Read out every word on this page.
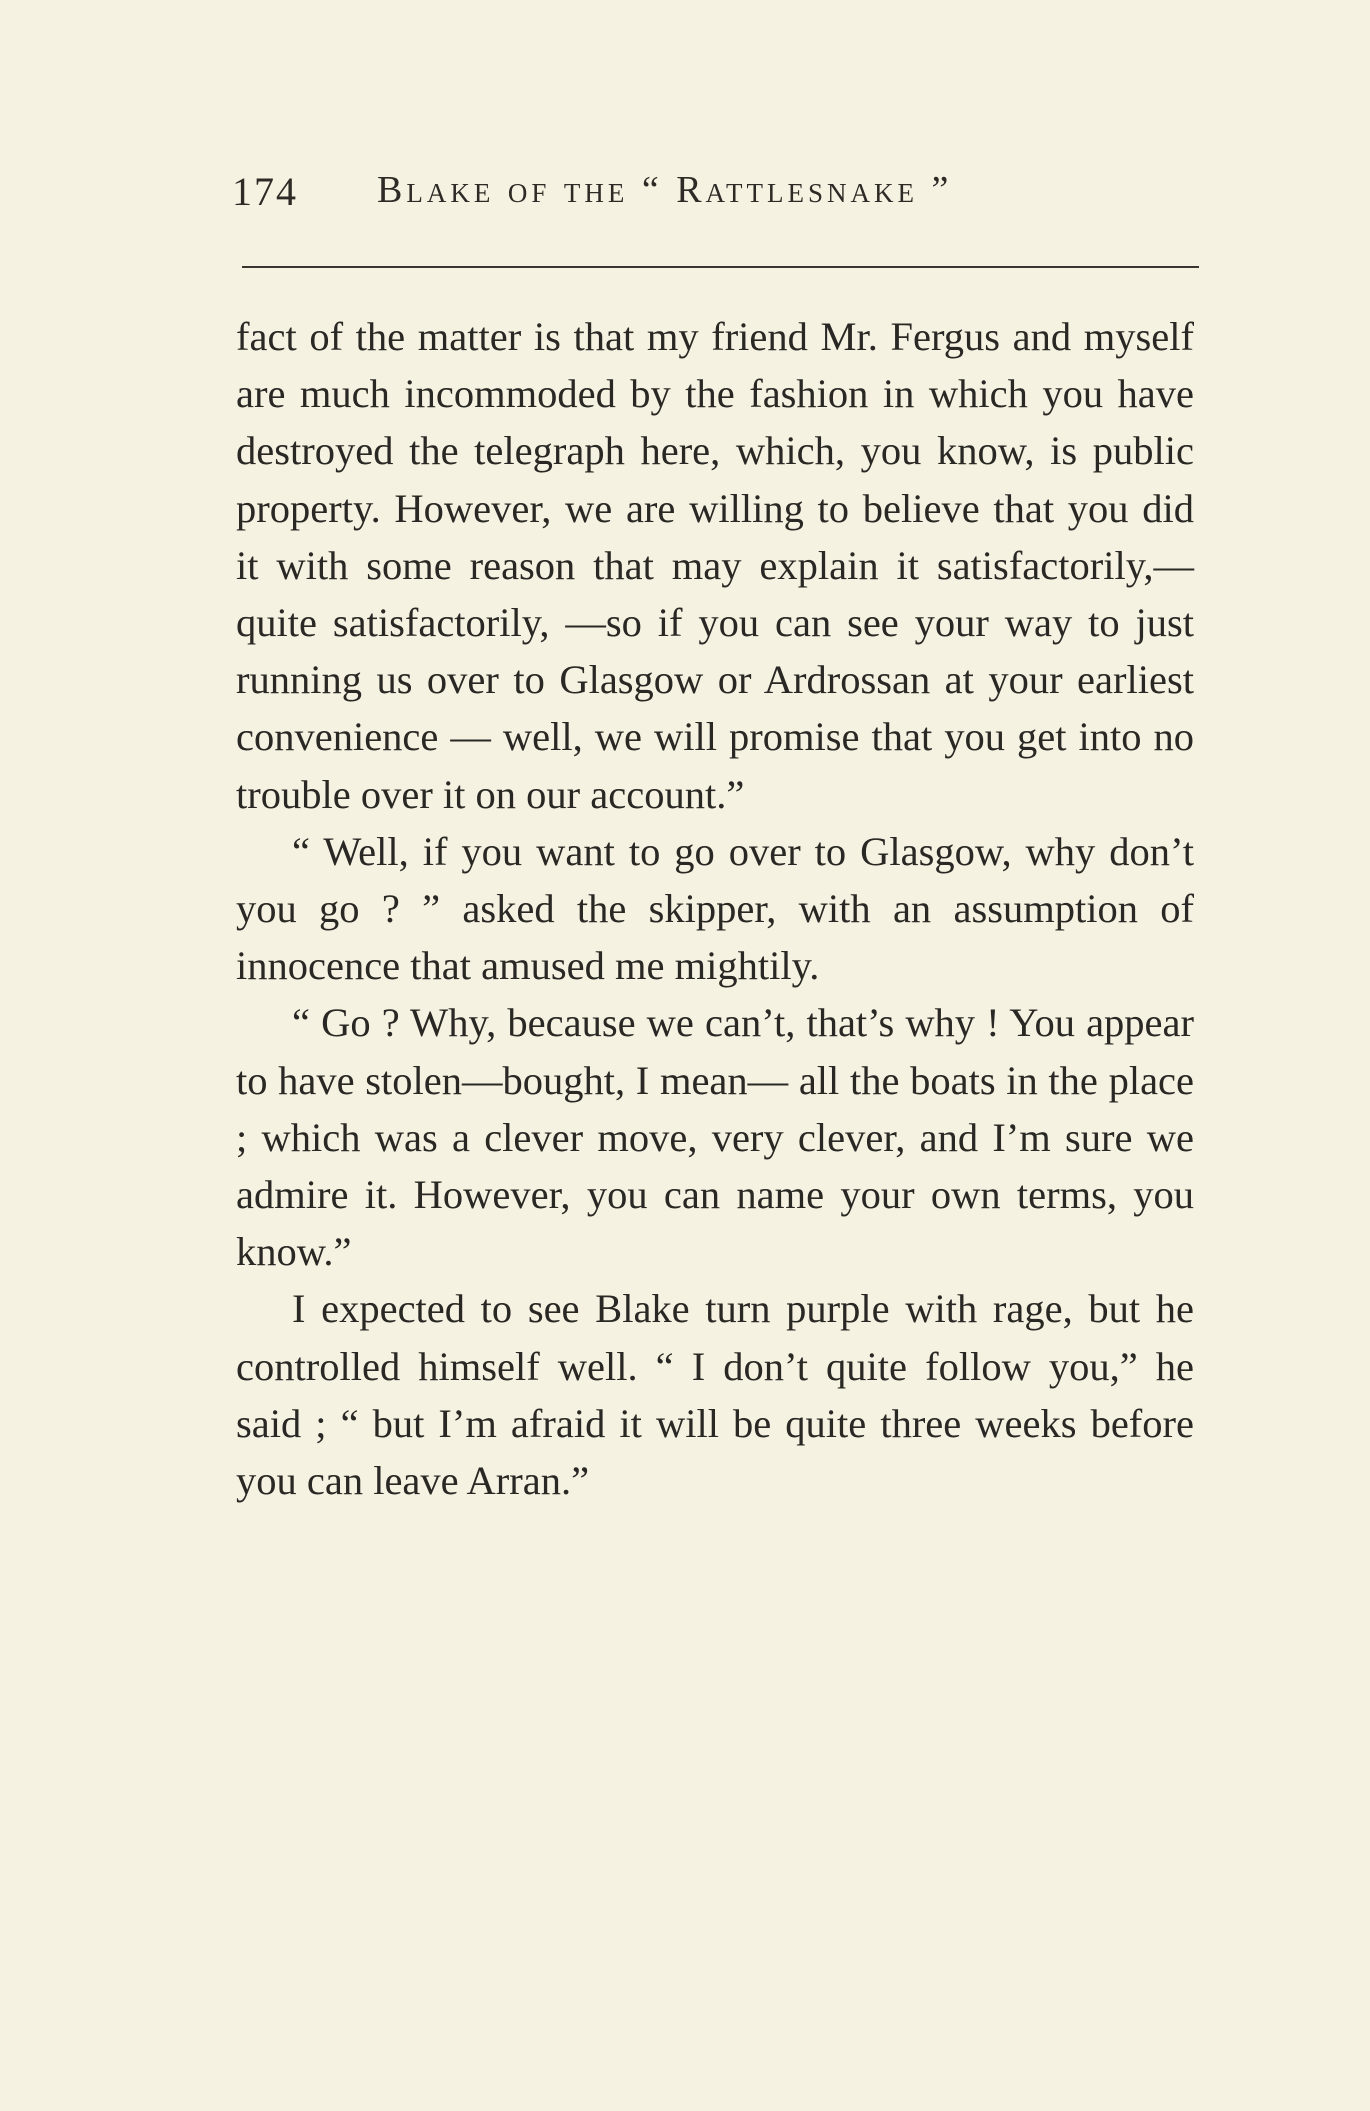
174 Blake of the “ Rattlesnake ”

fact of the matter is that my friend Mr. Fergus and myself are much incommoded by the fashion in which you have destroyed the telegraph here, which, you know, is public property. However, we are willing to believe that you did it with some reason that may explain it satisfactorily,—quite satisfactorily, —so if you can see your way to just running us over to Glasgow or Ardrossan at your earliest convenience — well, we will promise that you get into no trouble over it on our account.”

“ Well, if you want to go over to Glasgow, why don’t you go ? ” asked the skipper, with an assumption of innocence that amused me mightily.

“ Go ? Why, because we can’t, that’s why ! You appear to have stolen—bought, I mean— all the boats in the place ; which was a clever move, very clever, and I’m sure we admire it. However, you can name your own terms, you know.”

I expected to see Blake turn purple with rage, but he controlled himself well. “ I don’t quite follow you,” he said ; “ but I’m afraid it will be quite three weeks before you can leave Arran.”
